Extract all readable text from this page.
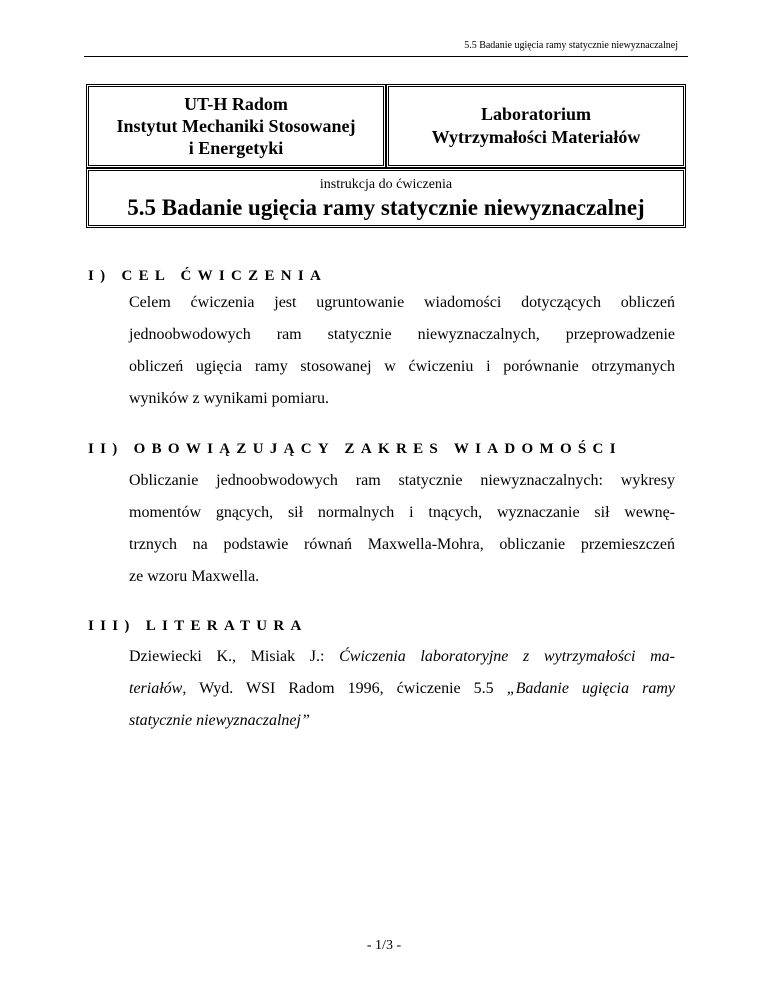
5.5 Badanie ugięcia ramy statycznie niewyznaczalnej
UT-H Radom
Instytut Mechaniki Stosowanej
i Energetyki
Laboratorium
Wytrzymałości Materiałów
instrukcja do ćwiczenia
5.5 Badanie ugięcia ramy statycznie niewyznaczalnej
I) CEL ĆWICZENIA
Celem ćwiczenia jest ugruntowanie wiadomości dotyczących obliczeń
jednoobwodowych ram statycznie niewyznaczalnych, przeprowadzenie
obliczeń ugięcia ramy stosowanej w ćwiczeniu i porównanie otrzymanych
wyników z wynikami pomiaru.
II) OBOWIĄZUJĄCY ZAKRES WIADOMOŚCI
Obliczanie jednoobwodowych ram statycznie niewyznaczalnych: wykresy
momentów gnących, sił normalnych i tnących, wyznaczanie sił wewnę-
trznych na podstawie równań Maxwella-Mohra, obliczanie przemieszczeń
ze wzoru Maxwella.
III) LITERATURA
Dziewiecki K., Misiak J.: Ćwiczenia laboratoryjne z wytrzymałości ma-
teriałów, Wyd. WSI Radom 1996, ćwiczenie 5.5 „Badanie ugięcia ramy
statycznie niewyznaczalnej”
- 1/3 -
